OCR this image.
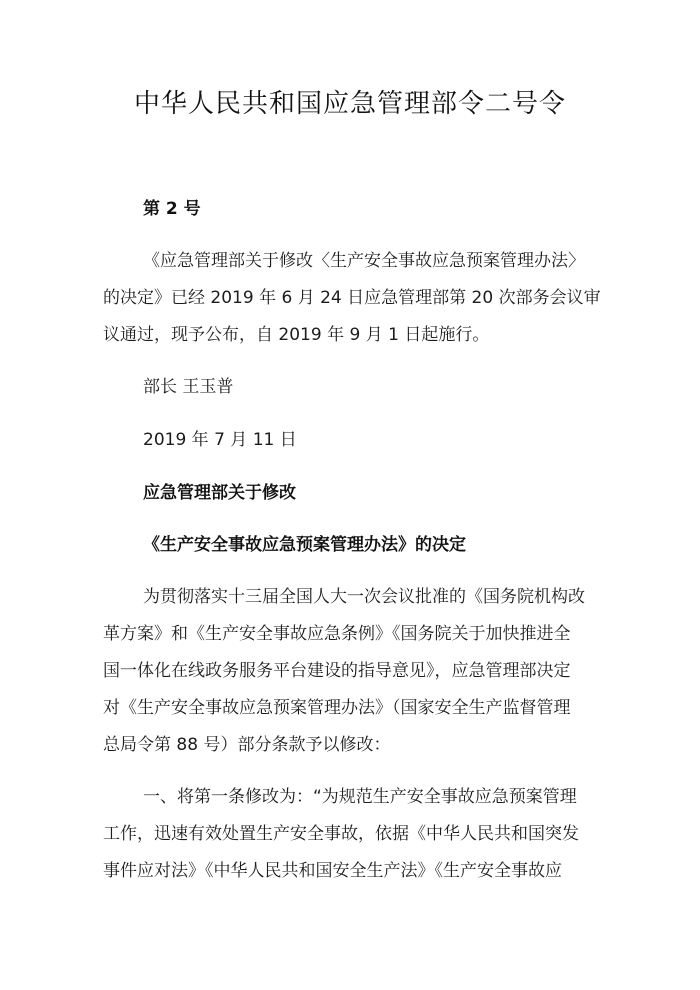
中华人民共和国应急管理部令二号令
第 2 号
《应急管理部关于修改〈生产安全事故应急预案管理办法〉
的决定》已经 2019 年 6 月 24 日应急管理部第 20 次部务会议审
议通过，现予公布，自 2019 年 9 月 1 日起施行。
部长 王玉普
2019 年 7 月 11 日
应急管理部关于修改
《生产安全事故应急预案管理办法》的决定
为贯彻落实十三届全国人大一次会议批准的《国务院机构改
革方案》和《生产安全事故应急条例》《国务院关于加快推进全
国一体化在线政务服务平台建设的指导意见》，应急管理部决定
对《生产安全事故应急预案管理办法》（国家安全生产监督管理
总局令第 88 号）部分条款予以修改：
一、将第一条修改为：“为规范生产安全事故应急预案管理
工作，迅速有效处置生产安全事故，依据《中华人民共和国突发
事件应对法》《中华人民共和国安全生产法》《生产安全事故应
